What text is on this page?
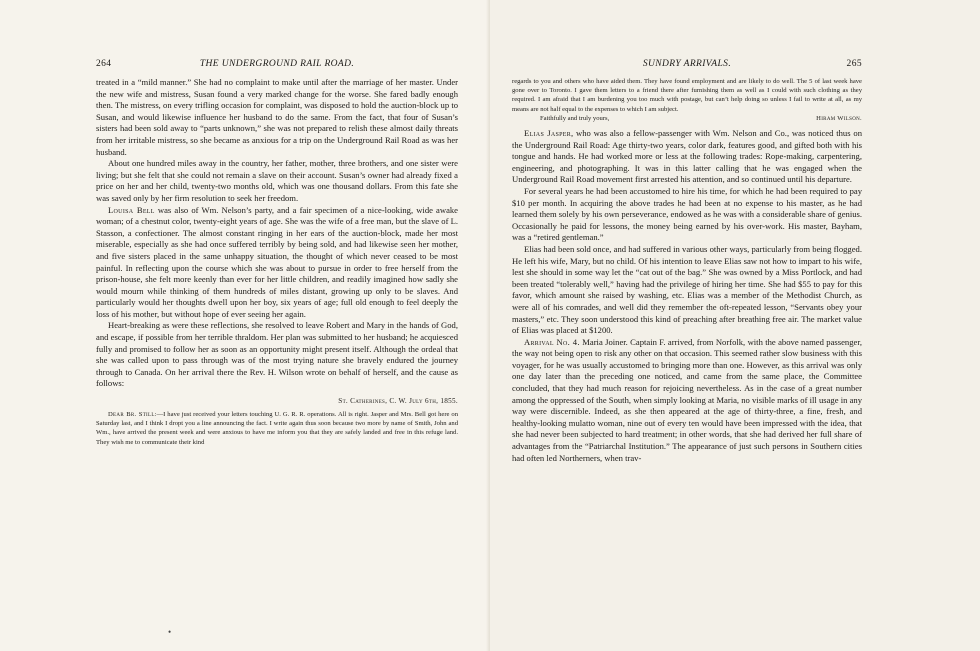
264	THE UNDERGROUND RAIL ROAD.

treated in a “mild manner.” She had no complaint to make until after the marriage of her master. Under the new wife and mistress, Susan found a very marked change for the worse. She fared badly enough then. The mistress, on every trifling occasion for complaint, was disposed to hold the auction-block up to Susan, and would likewise influence her husband to do the same. From the fact, that four of Susan’s sisters had been sold away to “parts unknown,” she was not prepared to relish these almost daily threats from her irritable mistress, so she became as anxious for a trip on the Underground Rail Road as was her husband.

About one hundred miles away in the country, her father, mother, three brothers, and one sister were living; but she felt that she could not remain a slave on their account. Susan’s owner had already fixed a price on her and her child, twenty-two months old, which was one thousand dollars. From this fate she was saved only by her firm resolution to seek her freedom.

Louisa Bell was also of Wm. Nelson’s party, and a fair specimen of a nice-looking, wide awake woman; of a chestnut color, twenty-eight years of age. She was the wife of a free man, but the slave of L. Stasson, a confectioner. The almost constant ringing in her ears of the auction-block, made her most miserable, especially as she had once suffered terribly by being sold, and had likewise seen her mother, and five sisters placed in the same unhappy situation, the thought of which never ceased to be most painful. In reflecting upon the course which she was about to pursue in order to free herself from the prison-house, she felt more keenly than ever for her little children, and readily imagined how sadly she would mourn while thinking of them hundreds of miles distant, growing up only to be slaves. And particularly would her thoughts dwell upon her boy, six years of age; full old enough to feel deeply the loss of his mother, but without hope of ever seeing her again.

Heart-breaking as were these reflections, she resolved to leave Robert and Mary in the hands of God, and escape, if possible from her terrible thraldom. Her plan was submitted to her husband; he acquiesced fully and promised to follow her as soon as an opportunity might present itself. Although the ordeal that she was called upon to pass through was of the most trying nature she bravely endured the journey through to Canada. On her arrival there the Rev. H. Wilson wrote on behalf of herself, and the cause as follows:

St. Catherines, C. W. July 6th, 1855.

Dear Br. Still:—I have just received your letters touching U. G. R. R. operations. All is right. Jasper and Mrs. Bell got here on Saturday last, and I think I dropt you a line announcing the fact. I write again thus soon because two more by name of Smith, John and Wm., have arrived the present week and were anxious to have me inform you that they are safely landed and free in this refuge land. They wish me to communicate their kind

•
SUNDRY ARRIVALS.	265

regards to you and others who have aided them. They have found employment and are likely to do well. The 5 of last week have gone over to Toronto. I gave them letters to a friend there after furnishing them as well as I could with such clothing as they required. I am afraid that I am burdening you too much with postage, but can’t help doing so unless I fail to write at all, as my means are not half equal to the expenses to which I am subject.

Faithfully and truly yours,	Hiram Wilson.

Elias Jasper, who was also a fellow-passenger with Wm. Nelson and Co., was noticed thus on the Underground Rail Road: Age thirty-two years, color dark, features good, and gifted both with his tongue and hands. He had worked more or less at the following trades: Rope-making, carpentering, engineering, and photographing. It was in this latter calling that he was engaged when the Underground Rail Road movement first arrested his attention, and so continued until his departure.

For several years he had been accustomed to hire his time, for which he had been required to pay $10 per month. In acquiring the above trades he had been at no expense to his master, as he had learned them solely by his own perseverance, endowed as he was with a considerable share of genius. Occasionally he paid for lessons, the money being earned by his over-work. His master, Bayham, was a “retired gentleman.”

Elias had been sold once, and had suffered in various other ways, particularly from being flogged. He left his wife, Mary, but no child. Of his intention to leave Elias saw not how to impart to his wife, lest she should in some way let the “cat out of the bag.” She was owned by a Miss Portlock, and had been treated “tolerably well,” having had the privilege of hiring her time. She had $55 to pay for this favor, which amount she raised by washing, etc. Elias was a member of the Methodist Church, as were all of his comrades, and well did they remember the oft-repeated lesson, “Servants obey your masters,” etc. They soon understood this kind of preaching after breathing free air. The market value of Elias was placed at $1200.

Arrival No. 4. Maria Joiner. Captain F. arrived, from Norfolk, with the above named passenger, the way not being open to risk any other on that occasion. This seemed rather slow business with this voyager, for he was usually accustomed to bringing more than one. However, as this arrival was only one day later than the preceding one noticed, and came from the same place, the Committee concluded, that they had much reason for rejoicing nevertheless. As in the case of a great number among the oppressed of the South, when simply looking at Maria, no visible marks of ill usage in any way were discernible. Indeed, as she then appeared at the age of thirty-three, a fine, fresh, and healthy-looking mulatto woman, nine out of every ten would have been impressed with the idea, that she had never been subjected to hard treatment; in other words, that she had derived her full share of advantages from the “Patriarchal Institution.” The appearance of just such persons in Southern cities had often led Northerners, when trav-
